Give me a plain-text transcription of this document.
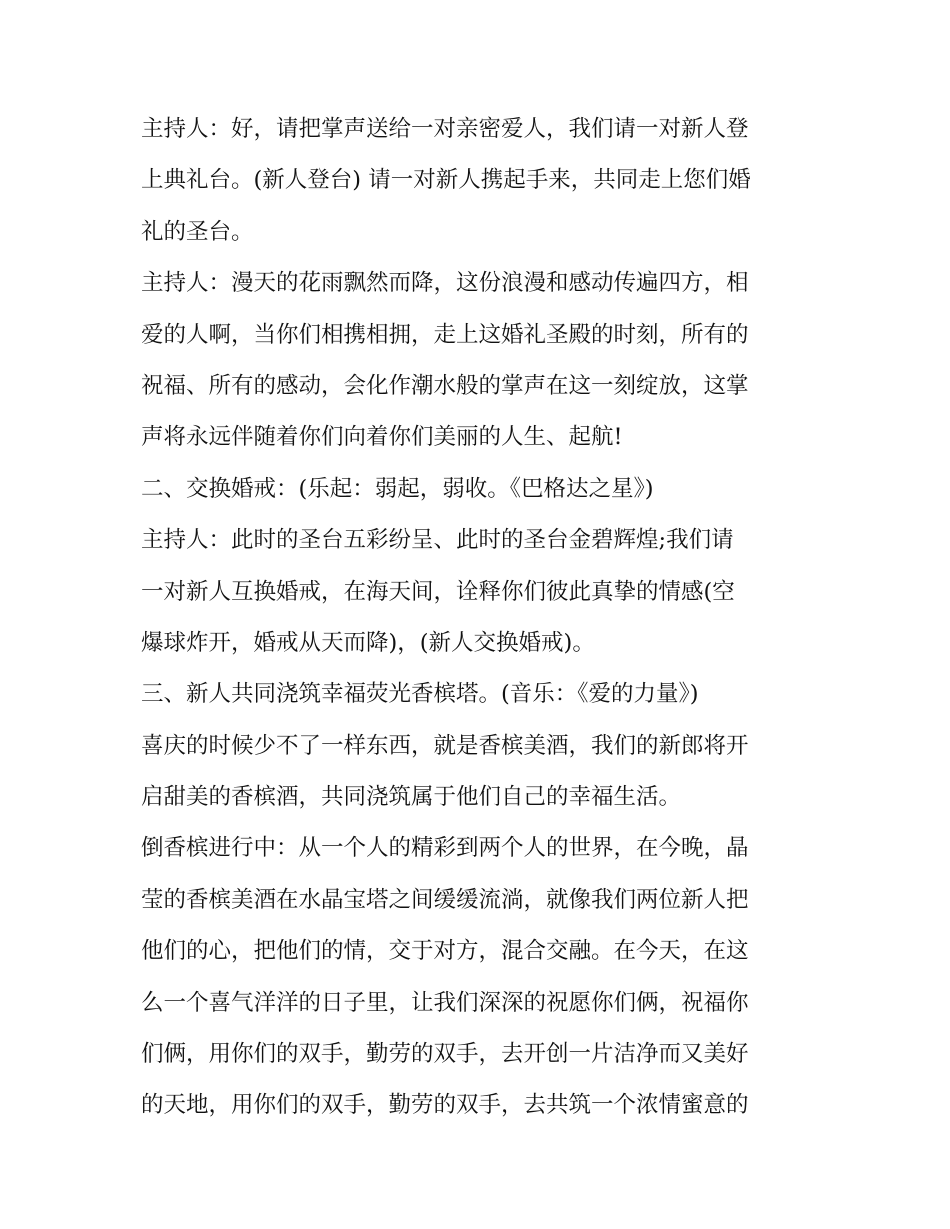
主持人：好，请把掌声送给一对亲密爱人，我们请一对新人登
上典礼台。(新人登台) 请一对新人携起手来，共同走上您们婚
礼的圣台。
主持人：漫天的花雨飘然而降，这份浪漫和感动传遍四方，相
爱的人啊，当你们相携相拥，走上这婚礼圣殿的时刻，所有的
祝福、所有的感动，会化作潮水般的掌声在这一刻绽放，这掌
声将永远伴随着你们向着你们美丽的人生、起航!
二、交换婚戒：(乐起：弱起，弱收。《巴格达之星》)
主持人：此时的圣台五彩纷呈、此时的圣台金碧辉煌;我们请
一对新人互换婚戒，在海天间，诠释你们彼此真挚的情感(空
爆球炸开，婚戒从天而降)，(新人交换婚戒)。
三、新人共同浇筑幸福荧光香槟塔。(音乐：《爱的力量》)
喜庆的时候少不了一样东西，就是香槟美酒，我们的新郎将开
启甜美的香槟酒，共同浇筑属于他们自己的幸福生活。
倒香槟进行中：从一个人的精彩到两个人的世界，在今晚，晶
莹的香槟美酒在水晶宝塔之间缓缓流淌，就像我们两位新人把
他们的心，把他们的情，交于对方，混合交融。在今天，在这
么一个喜气洋洋的日子里，让我们深深的祝愿你们俩，祝福你
们俩，用你们的双手，勤劳的双手，去开创一片洁净而又美好
的天地，用你们的双手，勤劳的双手，去共筑一个浓情蜜意的
